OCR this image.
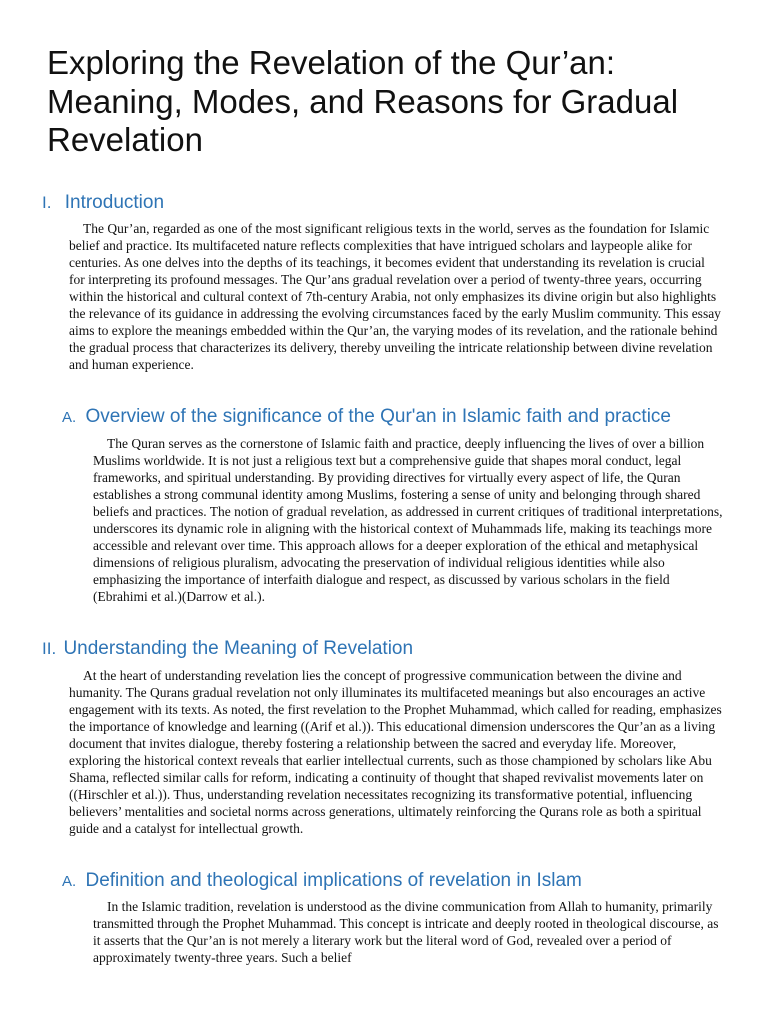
Exploring the Revelation of the Qur’an: Meaning, Modes, and Reasons for Gradual Revelation
I. Introduction

The Qur’an, regarded as one of the most significant religious texts in the world, serves as the foundation for Islamic belief and practice. Its multifaceted nature reflects complexities that have intrigued scholars and laypeople alike for centuries. As one delves into the depths of its teachings, it becomes evident that understanding its revelation is crucial for interpreting its profound messages. The Qur’ans gradual revelation over a period of twenty-three years, occurring within the historical and cultural context of 7th-century Arabia, not only emphasizes its divine origin but also highlights the relevance of its guidance in addressing the evolving circumstances faced by the early Muslim community. This essay aims to explore the meanings embedded within the Qur’an, the varying modes of its revelation, and the rationale behind the gradual process that characterizes its delivery, thereby unveiling the intricate relationship between divine revelation and human experience.

A. Overview of the significance of the Qur'an in Islamic faith and practice

The Quran serves as the cornerstone of Islamic faith and practice, deeply influencing the lives of over a billion Muslims worldwide. It is not just a religious text but a comprehensive guide that shapes moral conduct, legal frameworks, and spiritual understanding. By providing directives for virtually every aspect of life, the Quran establishes a strong communal identity among Muslims, fostering a sense of unity and belonging through shared beliefs and practices. The notion of gradual revelation, as addressed in current critiques of traditional interpretations, underscores its dynamic role in aligning with the historical context of Muhammads life, making its teachings more accessible and relevant over time. This approach allows for a deeper exploration of the ethical and metaphysical dimensions of religious pluralism, advocating the preservation of individual religious identities while also emphasizing the importance of interfaith dialogue and respect, as discussed by various scholars in the field (Ebrahimi et al.)(Darrow et al.).

II. Understanding the Meaning of Revelation

At the heart of understanding revelation lies the concept of progressive communication between the divine and humanity. The Qurans gradual revelation not only illuminates its multifaceted meanings but also encourages an active engagement with its texts. As noted, the first revelation to the Prophet Muhammad, which called for reading, emphasizes the importance of knowledge and learning ((Arif et al.)). This educational dimension underscores the Qur’an as a living document that invites dialogue, thereby fostering a relationship between the sacred and everyday life. Moreover, exploring the historical context reveals that earlier intellectual currents, such as those championed by scholars like Abu Shama, reflected similar calls for reform, indicating a continuity of thought that shaped revivalist movements later on ((Hirschler et al.)). Thus, understanding revelation necessitates recognizing its transformative potential, influencing believers’ mentalities and societal norms across generations, ultimately reinforcing the Qurans role as both a spiritual guide and a catalyst for intellectual growth.

A. Definition and theological implications of revelation in Islam

In the Islamic tradition, revelation is understood as the divine communication from Allah to humanity, primarily transmitted through the Prophet Muhammad. This concept is intricate and deeply rooted in theological discourse, as it asserts that the Qur’an is not merely a literary work but the literal word of God, revealed over a period of approximately twenty-three years. Such a belief
